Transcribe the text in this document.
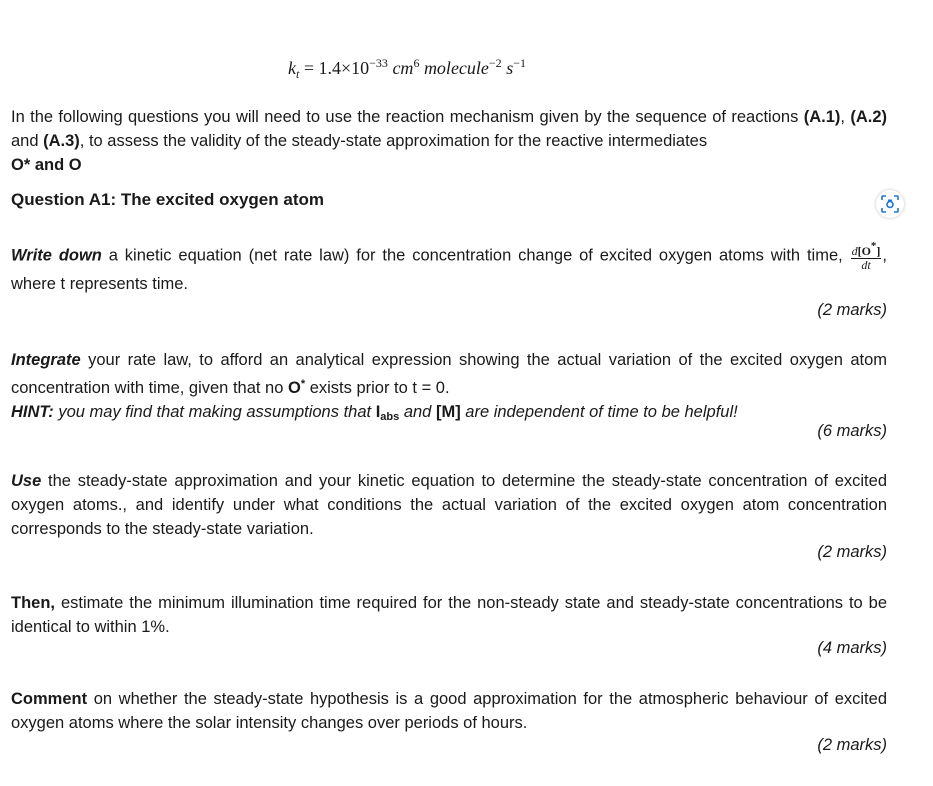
$k_t = 1.4\times 10^{-33}$ $cm^6$ molecule$^{-2}$ $s^{-1}$
In the following questions you will need to use the reaction mechanism given by the sequence of reactions (A.1), (A.2) and (A.3), to assess the validity of the steady-state approximation for the reactive intermediates
O* and O
Question A1: The excited oxygen atom
Write down a kinetic equation (net rate law) for the concentration change of excited oxygen atoms with time, $\frac{d[O*]}{dt}$ , where t represents time.
(2 marks)
Integrate your rate law, to afford an analytical expression showing the actual variation of the excited oxygen atom concentration with time, given that no O* exists prior to t = 0.
HINT: you may find that making assumptions that Iabs and [M] are independent of time to be helpful!
(6 marks)
Use the steady-state approximation and your kinetic equation to determine the steady-state concentration of excited oxygen atoms., and identify under what conditions the actual variation of the excited oxygen atom concentration corresponds to the steady-state variation.
(2 marks)
Then, estimate the minimum illumination time required for the non-steady state and steady-state concentrations to be identical to within 1%.
(4 marks)
Comment on whether the steady-state hypothesis is a good approximation for the atmospheric behaviour of excited oxygen atoms where the solar intensity changes over periods of hours.
(2 marks)
